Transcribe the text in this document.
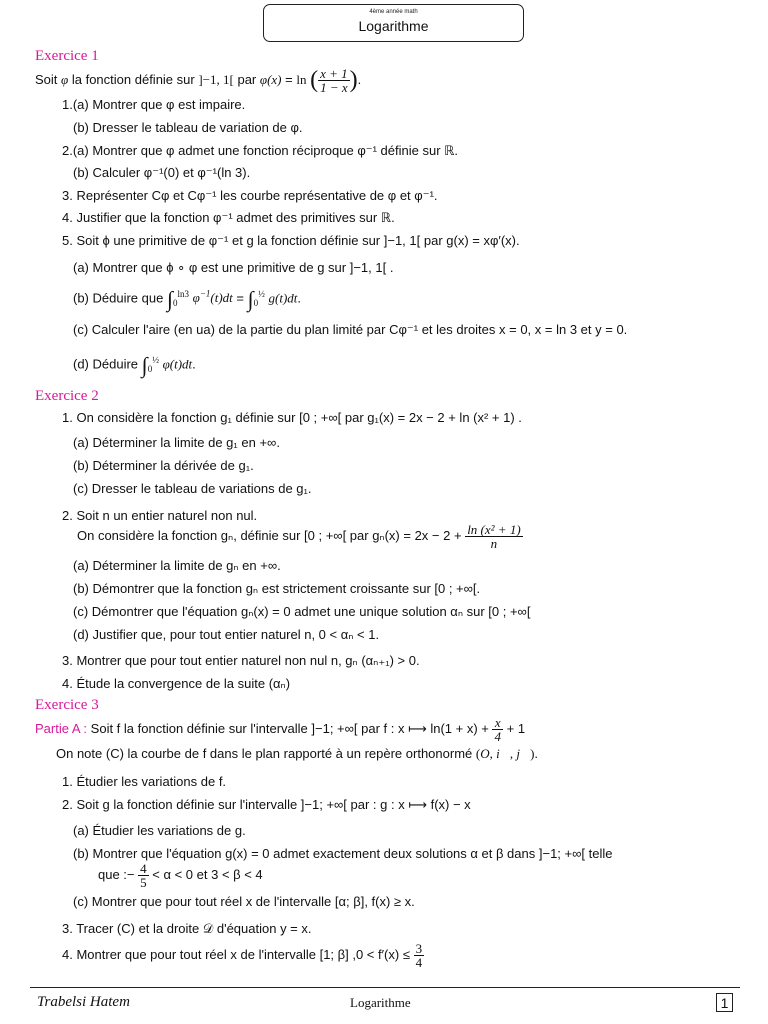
4ème année math
Logarithme
Exercice 1
Soit φ la fonction définie sur ]−1, 1[ par φ(x) = ln ( $\frac{x + 1}{1 - x}$ ).
1.(a) Montrer que φ est impaire.
(b) Dresser le tableau de variation de φ.
2.(a) Montrer que φ admet une fonction réciproque φ⁻¹ définie sur ℝ.
(b) Calculer φ⁻¹(0) et φ⁻¹(ln 3).
3. Représenter Cφ et Cφ⁻¹ les courbe représentative de φ et φ⁻¹.
4. Justifier que la fonction φ⁻¹ admet des primitives sur ℝ.
5. Soit ϕ une primitive de φ⁻¹ et g la fonction définie sur ]−1, 1[ par g(x) = xφ′(x).
(a) Montrer que ϕ ∘ φ est une primitive de g sur ]−1, 1[ .
(b) Déduire que $\int_0^{ln3}$ $\varphi^{-1}(t)dt = \int_0^{\frac{1}{2}}$ g(t)dt.
(c) Calculer l'aire (en ua) de la partie du plan limité par Cφ⁻¹ et les droites x = 0, x = ln 3 et y = 0.
(d) Déduire $\int_0^{\frac{1}{2}}$ φ(t)dt.
Exercice 2
1. On considère la fonction g₁ définie sur [0 ; +∞[ par g₁(x) = 2x − 2 + ln (x² + 1) .
(a) Déterminer la limite de g₁ en +∞.
(b) Déterminer la dérivée de g₁.
(c) Dresser le tableau de variations de g₁.
2. Soit n un entier naturel non nul.
On considère la fonction gₙ, définie sur [0 ; +∞[ par $g_n(x) = 2x - 2 + \frac{\text{ln (x² + 1)}}{n}$
(a) Déterminer la limite de gₙ en +∞.
(b) Démontrer que la fonction gₙ est strictement croissante sur [0 ; +∞[.
(c) Démontrer que l'équation gₙ(x) = 0 admet une unique solution αₙ sur [0 ; +∞[
(d) Justifier que, pour tout entier naturel n, 0 < αₙ < 1.
3. Montrer que pour tout entier naturel non nul n, gₙ (αₙ₊₁) > 0.
4. Étude la convergence de la suite (αₙ)
Exercice 3
Partie A : Soit f la fonction définie sur l'intervalle ]−1; +∞[ par f : x ⟼ $\ln(1 + x) + \frac{x}{4} + 1$
On note (C) la courbe de f dans le plan rapporté à un repère orthonormé (O, i⃗, j⃗).
1. Étudier les variations de f.
2. Soit g la fonction définie sur l'intervalle ]−1; +∞[ par : g : x ⟼ f(x) − x
(a) Étudier les variations de g.
(b) Montrer que l'équation g(x) = 0 admet exactement deux solutions α et β dans ]−1; +∞[ telle
que :− $\frac{4}{5} < \alpha < 0$ et 3 < β < 4
(c) Montrer que pour tout réel x de l'intervalle [α; β], f(x) ≥ x.
3. Tracer (C) et la droite 𝒟 d'équation y = x.
4. Montrer que pour tout réel x de l'intervalle [1; β] $,0 < f'(x) \le \frac{3}{4}$
Trabelsi Hatem	Logarithme	1
